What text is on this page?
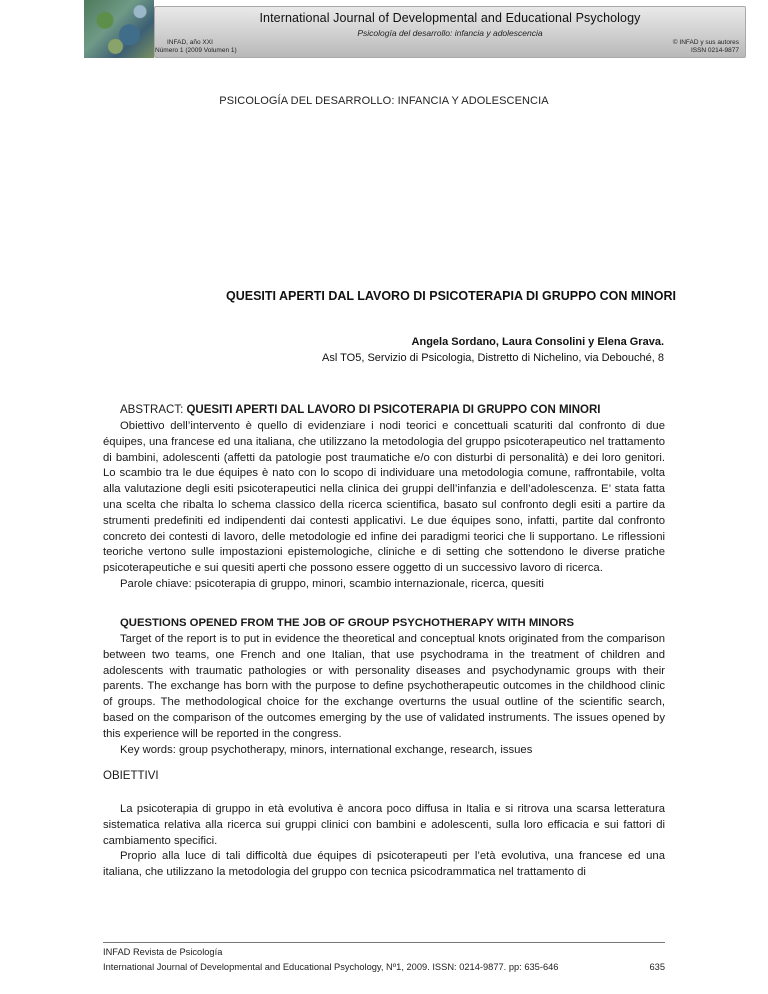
International Journal of Developmental and Educational Psychology
Psicología del desarrollo: infancia y adolescencia
INFAD, año XXI
Número 1 (2009 Volumen 1)
© INFAD y sus autores
ISSN 0214-9877
PSICOLOGÍA DEL DESARROLLO: INFANCIA Y ADOLESCENCIA
QUESITI APERTI DAL LAVORO DI PSICOTERAPIA DI GRUPPO CON MINORI
Angela Sordano, Laura Consolini y Elena Grava.
Asl TO5, Servizio di Psicologia, Distretto di Nichelino, via Debouché, 8
ABSTRACT: QUESITI APERTI DAL LAVORO DI PSICOTERAPIA DI GRUPPO CON MINORI

Obiettivo dell’intervento è quello di evidenziare i nodi teorici e concettuali scaturiti dal confronto di due équipes, una francese ed una italiana, che utilizzano la metodologia del gruppo psicoterapeutico nel trattamento di bambini, adolescenti (affetti da patologie post traumatiche e/o con disturbi di personalità) e dei loro genitori. Lo scambio tra le due équipes è nato con lo scopo di individuare una metodologia comune, raffrontabile, volta alla valutazione degli esiti psicoterapeutici nella clinica dei gruppi dell’infanzia e dell’adolescenza. E’ stata fatta una scelta che ribalta lo schema classico della ricerca scientifica, basato sul confronto degli esiti a partire da strumenti predefiniti ed indipendenti dai contesti applicativi. Le due équipes sono, infatti, partite dal confronto concreto dei contesti di lavoro, delle metodologie ed infine dei paradigmi teorici che li supportano. Le riflessioni teoriche vertono sulle impostazioni epistemologiche, cliniche e di setting che sottendono le diverse pratiche psicoterapeutiche e sui quesiti aperti che possono essere oggetto di un successivo lavoro di ricerca.

Parole chiave: psicoterapia di gruppo, minori, scambio internazionale, ricerca, quesiti

QUESTIONS OPENED FROM THE JOB OF GROUP PSYCHOTHERAPY WITH MINORS

Target of the report is to put in evidence the theoretical and conceptual knots originated from the comparison between two teams, one French and one Italian, that use psychodrama in the treatment of children and adolescents with traumatic pathologies or with personality diseases and psychodynamic groups with their parents. The exchange has born with the purpose to define psychotherapeutic outcomes in the childhood clinic of groups. The methodological choice for the exchange overturns the usual outline of the scientific search, based on the comparison of the outcomes emerging by the use of validated instruments. The issues opened by this experience will be reported in the congress.

Key words: group psychotherapy, minors, international exchange, research, issues

OBIETTIVI

La psicoterapia di gruppo in età evolutiva è ancora poco diffusa in Italia e si ritrova una scarsa letteratura sistematica relativa alla ricerca sui gruppi clinici con bambini e adolescenti, sulla loro efficacia e sui fattori di cambiamento specifici.

Proprio alla luce di tali difficoltà due équipes di psicoterapeuti per l’età evolutiva, una francese ed una italiana, che utilizzano la metodologia del gruppo con tecnica psicodrammatica nel trattamento di

INFAD Revista de Psicología
International Journal of Developmental and Educational Psychology, Nº1, 2009. ISSN: 0214-9877. pp: 635-646	635
